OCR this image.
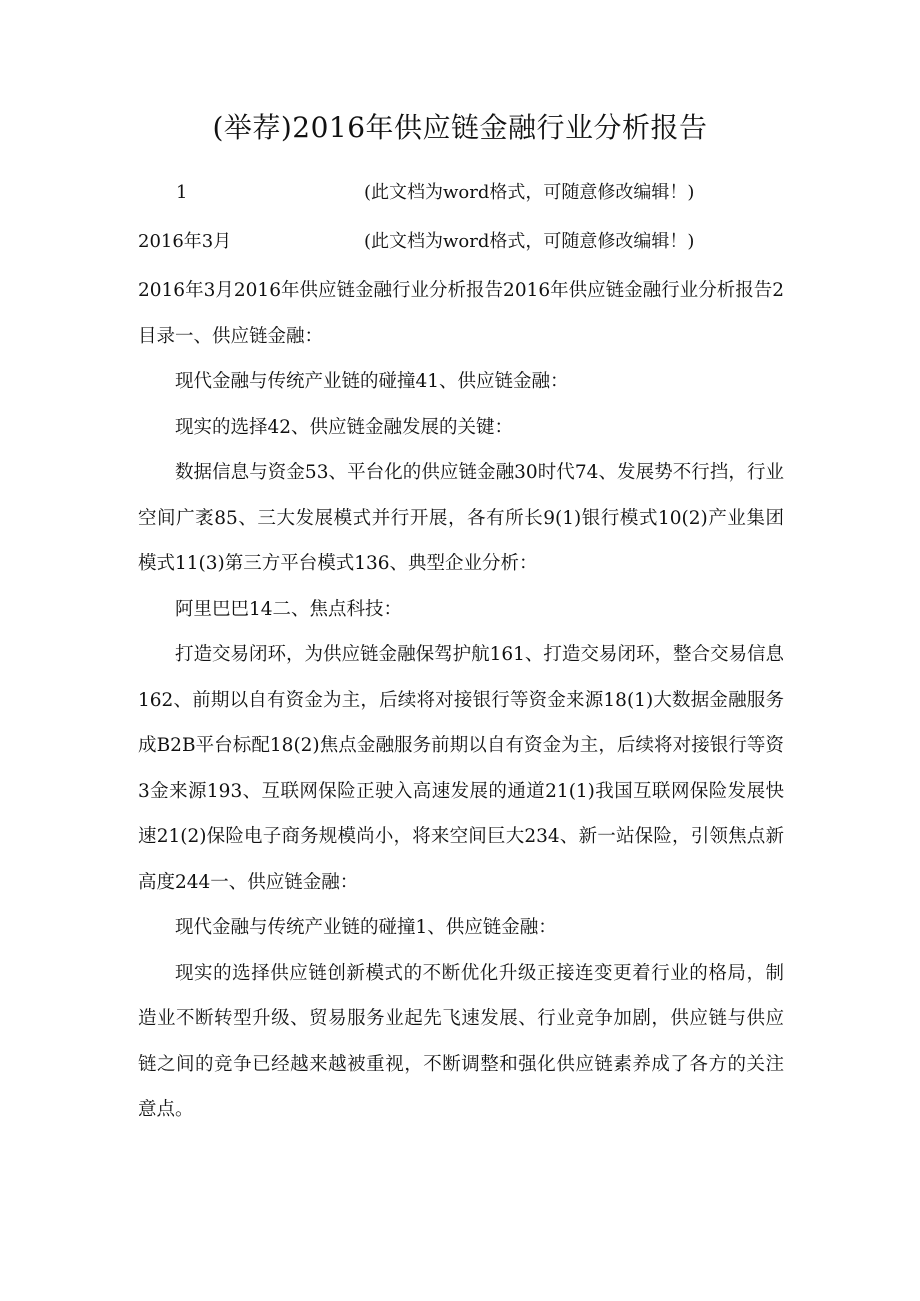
(举荐)2016年供应链金融行业分析报告
1	(此文档为word格式，可随意修改编辑！)
2016年3月	(此文档为word格式，可随意修改编辑！)

2016年3月2016年供应链金融行业分析报告2016年供应链金融行业分析报告2目录一、供应链金融：

现代金融与传统产业链的碰撞41、供应链金融：

现实的选择42、供应链金融发展的关键：

数据信息与资金53、平台化的供应链金融30时代74、发展势不行挡，行业空间广袤85、三大发展模式并行开展，各有所长9(1)银行模式10(2)产业集团模式11(3)第三方平台模式136、典型企业分析：

阿里巴巴14二、焦点科技：

打造交易闭环，为供应链金融保驾护航161、打造交易闭环，整合交易信息162、前期以自有资金为主，后续将对接银行等资金来源18(1)大数据金融服务成B2B平台标配18(2)焦点金融服务前期以自有资金为主，后续将对接银行等资3金来源193、互联网保险正驶入高速发展的通道21(1)我国互联网保险发展快速21(2)保险电子商务规模尚小，将来空间巨大234、新一站保险，引领焦点新高度244一、供应链金融：

现代金融与传统产业链的碰撞1、供应链金融：

现实的选择供应链创新模式的不断优化升级正接连变更着行业的格局，制造业不断转型升级、贸易服务业起先飞速发展、行业竞争加剧，供应链与供应链之间的竞争已经越来越被重视，不断调整和强化供应链素养成了各方的关注意点。
